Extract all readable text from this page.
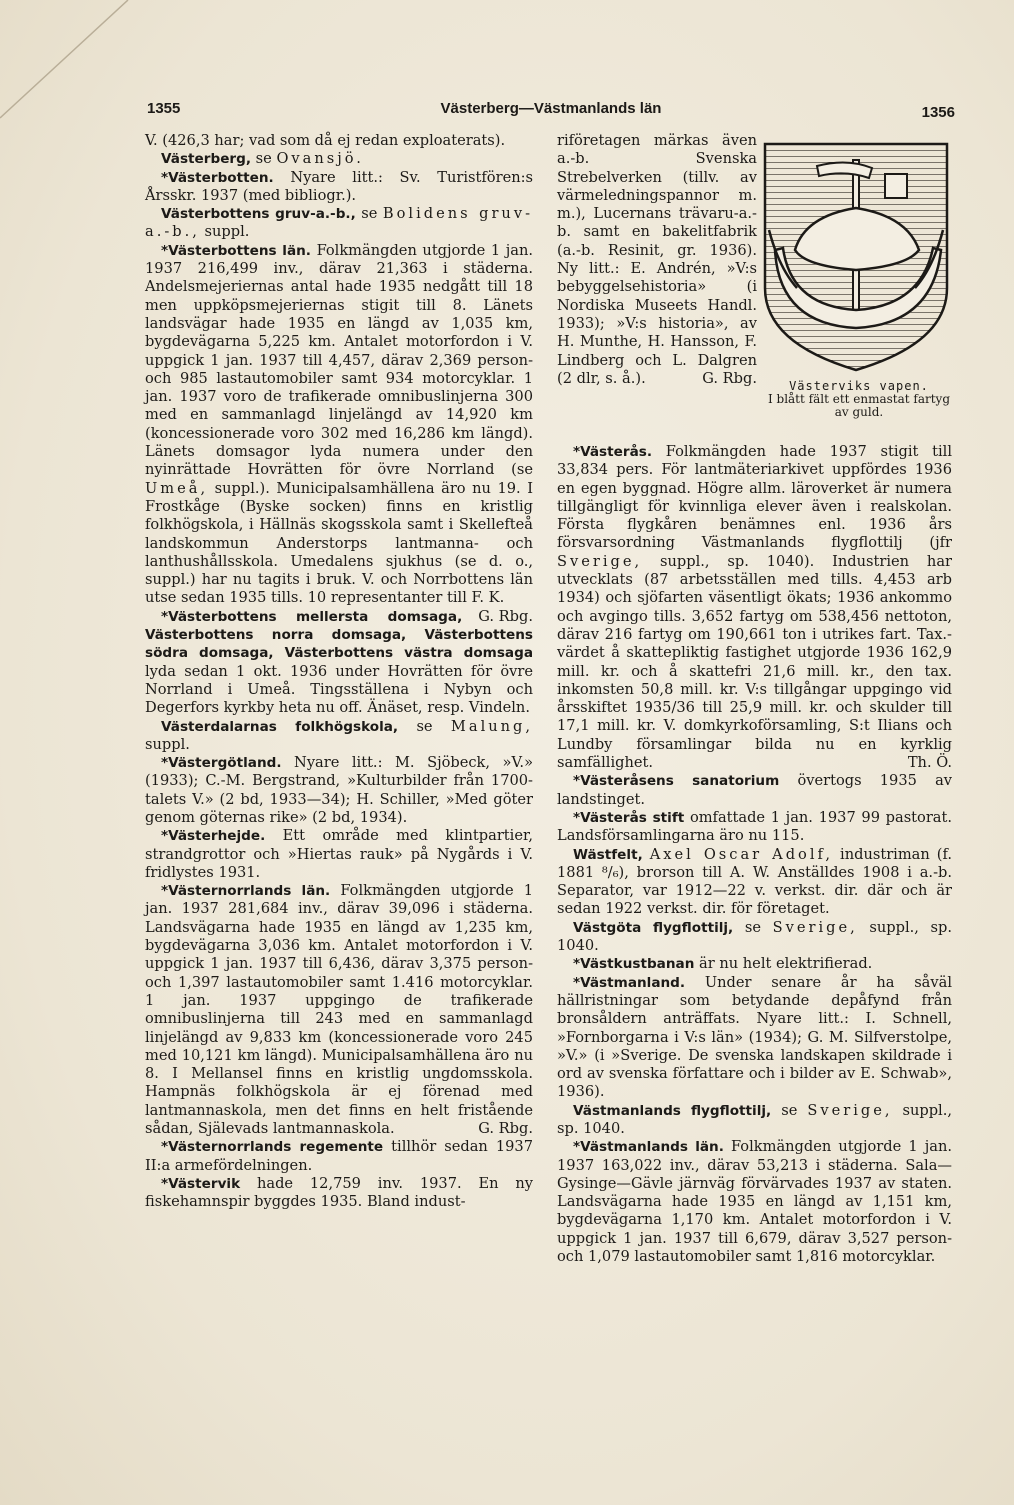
1355	Västerberg—Västmanlands län	1356

V. (426,3 har; vad som då ej redan exploaterats).

Västerberg, se Ovansjö.

*Västerbotten. Nyare litt.: Sv. Turistfören:s Årsskr. 1937 (med bibliogr.).

Västerbottens gruv-a.-b., se Bolidens gruv-a.-b., suppl.

*Västerbottens län. Folkmängden utgjorde 1 jan. 1937 216,499 inv., därav 21,363 i städerna. Andelsmejeriernas antal hade 1935 nedgått till 18 men uppköpsmejeriernas stigit till 8. Länets landsvägar hade 1935 en längd av 1,035 km, bygdevägarna 5,225 km. Antalet motorfordon i V. uppgick 1 jan. 1937 till 4,457, därav 2,369 person- och 985 lastautomobiler samt 934 motorcyklar. 1 jan. 1937 voro de trafikerade omnibuslinjerna 300 med en sammanlagd linjelängd av 14,920 km (koncessionerade voro 302 med 16,286 km längd). Länets domsagor lyda numera under den nyinrättade Hovrätten för övre Norrland (se Umeå, suppl.). Municipalsamhällena äro nu 19. I Frostkåge (Byske socken) finns en kristlig folkhögskola, i Hällnäs skogsskola samt i Skellefteå landskommun Anderstorps lantmanna- och lanthushållsskola. Umedalens sjukhus (se d. o., suppl.) har nu tagits i bruk. V. och Norrbottens län utse sedan 1935 tills. 10 representanter till F. K.
G. Rbg.

*Västerbottens mellersta domsaga, Västerbottens norra domsaga, Västerbottens södra domsaga, Västerbottens västra domsaga lyda sedan 1 okt. 1936 under Hovrätten för övre Norrland i Umeå. Tingsställena i Nybyn och Degerfors kyrkby heta nu off. Änäset, resp. Vindeln.

Västerdalarnas folkhögskola, se Malung, suppl.

*Västergötland. Nyare litt.: M. Sjöbeck, »V.» (1933); C.-M. Bergstrand, »Kulturbilder från 1700-talets V.» (2 bd, 1933—34); H. Schiller, »Med göter genom göternas rike» (2 bd, 1934).

*Västerhejde. Ett område med klintpartier, strandgrottor och »Hiertas rauk» på Nygårds i V. fridlystes 1931.

*Västernorrlands län. Folkmängden utgjorde 1 jan. 1937 281,684 inv., därav 39,096 i städerna. Landsvägarna hade 1935 en längd av 1,235 km, bygdevägarna 3,036 km. Antalet motorfordon i V. uppgick 1 jan. 1937 till 6,436, därav 3,375 person- och 1,397 lastautomobiler samt 1.416 motorcyklar. 1 jan. 1937 uppgingo de trafikerade omnibuslinjerna till 243 med en sammanlagd linjelängd av 9,833 km (koncessionerade voro 245 med 10,121 km längd). Municipalsamhällena äro nu 8. I Mellansel finns en kristlig ungdomsskola. Hampnäs folkhögskola är ej förenad med lantmannaskola, men det finns en helt fristående sådan, Själevads lantmannaskola.	G. Rbg.

*Västernorrlands regemente tillhör sedan 1937 II:a armefördelningen.

*Västervik hade 12,759 inv. 1937. En ny fiskehamnspir byggdes 1935. Bland indust-

riföretagen märkas även a.-b. Svenska Strebelverken (tillv. av värmeledningspannor m. m.), Lucernans trävaru-a.-b. samt en bakelitfabrik (a.-b. Resinit, gr. 1936). Ny litt.: E. Andrén, »V:s bebyggelsehistoria» (i Nordiska Museets Handl. 1933); »V:s historia», av H. Munthe, H. Hansson, F. Lindberg och L. Dalgren (2 dlr, s. å.).	G. Rbg.	Västerviks vapen.
I blått fält ett enmastat fartyg av guld.

*Västerås. Folkmängden hade 1937 stigit till 33,834 pers. För lantmäteriarkivet uppfördes 1936 en egen byggnad. Högre allm. läroverket är numera tillgängligt för kvinnliga elever även i realskolan. Första flygkåren benämnes enl. 1936 års försvarsordning Västmanlands flygflottilj (jfr Sverige, suppl., sp. 1040). Industrien har utvecklats (87 arbetsställen med tills. 4,453 arb 1934) och sjöfarten väsentligt ökats; 1936 ankommo och avgingo tills. 3,652 fartyg om 538,456 nettoton, därav 216 fartyg om 190,661 ton i utrikes fart. Tax.-värdet å skattepliktig fastighet utgjorde 1936 162,9 mill. kr. och å skattefri 21,6 mill. kr., den tax. inkomsten 50,8 mill. kr. V:s tillgångar uppgingo vid årsskiftet 1935/36 till 25,9 mill. kr. och skulder till 17,1 mill. kr. V. domkyrkoförsamling, S:t Ilians och Lundby församlingar bilda nu en kyrklig samfällighet.	Th. Ö.

*Västeråsens sanatorium övertogs 1935 av landstinget.

*Västerås stift omfattade 1 jan. 1937 99 pastorat. Landsförsamlingarna äro nu 115.

Wästfelt, Axel Oscar Adolf, industriman (f. 1881 ⁸/₆), brorson till A. W. Anställdes 1908 i a.-b. Separator, var 1912—22 v. verkst. dir. där och är sedan 1922 verkst. dir. för företaget.

Västgöta flygflottilj, se Sverige, suppl., sp. 1040.

*Västkustbanan är nu helt elektrifierad.

*Västmanland. Under senare år ha såväl hällristningar som betydande depåfynd från bronsåldern anträffats. Nyare litt.: I. Schnell, »Fornborgarna i V:s län» (1934); G. M. Silfverstolpe, »V.» (i »Sverige. De svenska landskapen skildrade i ord av svenska författare och i bilder av E. Schwab», 1936).

Västmanlands flygflottilj, se Sverige, suppl., sp. 1040.

*Västmanlands län. Folkmängden utgjorde 1 jan. 1937 163,022 inv., därav 53,213 i städerna. Sala—Gysinge—Gävle järnväg förvärvades 1937 av staten. Landsvägarna hade 1935 en längd av 1,151 km, bygdevägarna 1,170 km. Antalet motorfordon i V. uppgick 1 jan. 1937 till 6,679, därav 3,527 person- och 1,079 lastautomobiler samt 1,816 motorcyklar.
